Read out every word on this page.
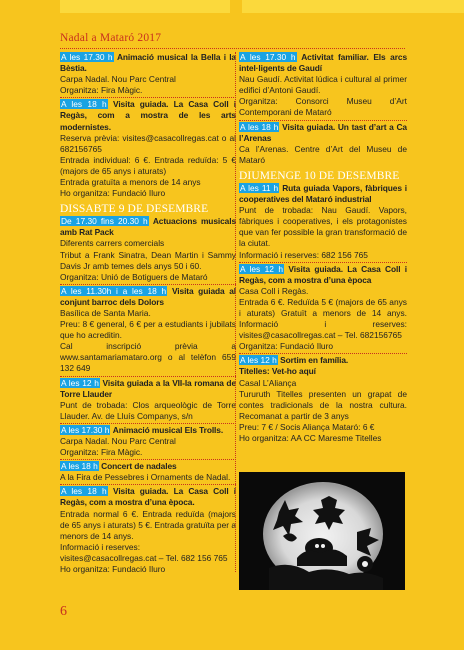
Nadal a Mataró 2017
A les 17.30 h Animació musical la Bella i la Bèstia.
Carpa Nadal. Nou Parc Central
Organitza: Fira Màgic.
A les 18 h Visita guiada. La Casa Coll i Regàs, com a mostra de les arts modernistes.
Reserva prèvia: visites@casacollregas.cat o al 682156765
Entrada individual: 6 €. Entrada reduïda: 5 € (majors de 65 anys i aturats)
Entrada gratuïta a menors de 14 anys
Ho organitza: Fundació Iluro
DISSABTE 9 DE DESEMBRE
De 17.30 fins 20.30 h Actuacions musicals amb Rat Pack
Diferents carrers comercials
Tribut a Frank Sinatra, Dean Martin i Sammy Davis Jr amb temes dels anys 50 i 60.
Organitza: Unió de Botiguers de Mataró
A les 11.30h i a les 18 h Visita guiada al conjunt barroc dels Dolors
Basílica de Santa Maria.
Preu: 8 € general, 6 € per a estudiants i jubilats que ho acreditin.
Cal inscripció prèvia a www.santamariamataro.org o al telèfon 659 132 649
A les 12 h Visita guiada a la VII-la romana de Torre Llauder
Punt de trobada: Clos arqueològic de Torre Llauder. Av. de Lluís Companys, s/n
A les 17.30 h Animació musical Els Trolls.
Carpa Nadal. Nou Parc Central
Organitza: Fira Màgic.
A les 18 h Concert de nadales
A la Fira de Pessebres i Ornaments de Nadal.
A les 18 h Visita guiada. La Casa Coll i Regàs, com a mostra d’una època.
Entrada normal 6 €. Entrada reduïda (majors de 65 anys i aturats) 5 €. Entrada gratuïta per a menors de 14 anys.
Informació i reserves:
visites@casacollregas.cat – Tel. 682 156 765
Ho organitza: Fundació Iluro
A les 17.30 h Activitat familiar. Els arcs intel·ligents de Gaudí
Nau Gaudí. Activitat lúdica i cultural al primer edifici d’Antoni Gaudí.
Organitza: Consorci Museu d’Art Contemporani de Mataró
A les 18 h Visita guiada. Un tast d’art a Ca l’Arenas
Ca l’Arenas. Centre d’Art del Museu de Mataró
DIUMENGE 10 DE DESEMBRE
A les 11 h Ruta guiada Vapors, fàbriques i cooperatives del Mataró industrial
Punt de trobada: Nau Gaudí. Vapors, fàbriques i cooperatives, i els protagonistes que van fer possible la gran transformació de la ciutat.
Informació i reserves: 682 156 765
A les 12 h Visita guiada. La Casa Coll i Regàs, com a mostra d’una època
Casa Coll i Regàs.
Entrada 6 €. Reduïda 5 € (majors de 65 anys i aturats) Gratuït a menors de 14 anys. Informació i reserves: visites@casacollregas.cat – Tel. 682156765
Organitza: Fundació Iluro
A les 12 h Sortim en família.
Titelles: Vet-ho aquí
Casal L’Aliança
Tururuth Titelles presenten un grapat de contes tradicionals de la nostra cultura. Recomanat a partir de 3 anys
Preu: 7 € / Socis Aliança Mataró: 6 €
Ho organitza: AA CC Maresme Titelles
6
